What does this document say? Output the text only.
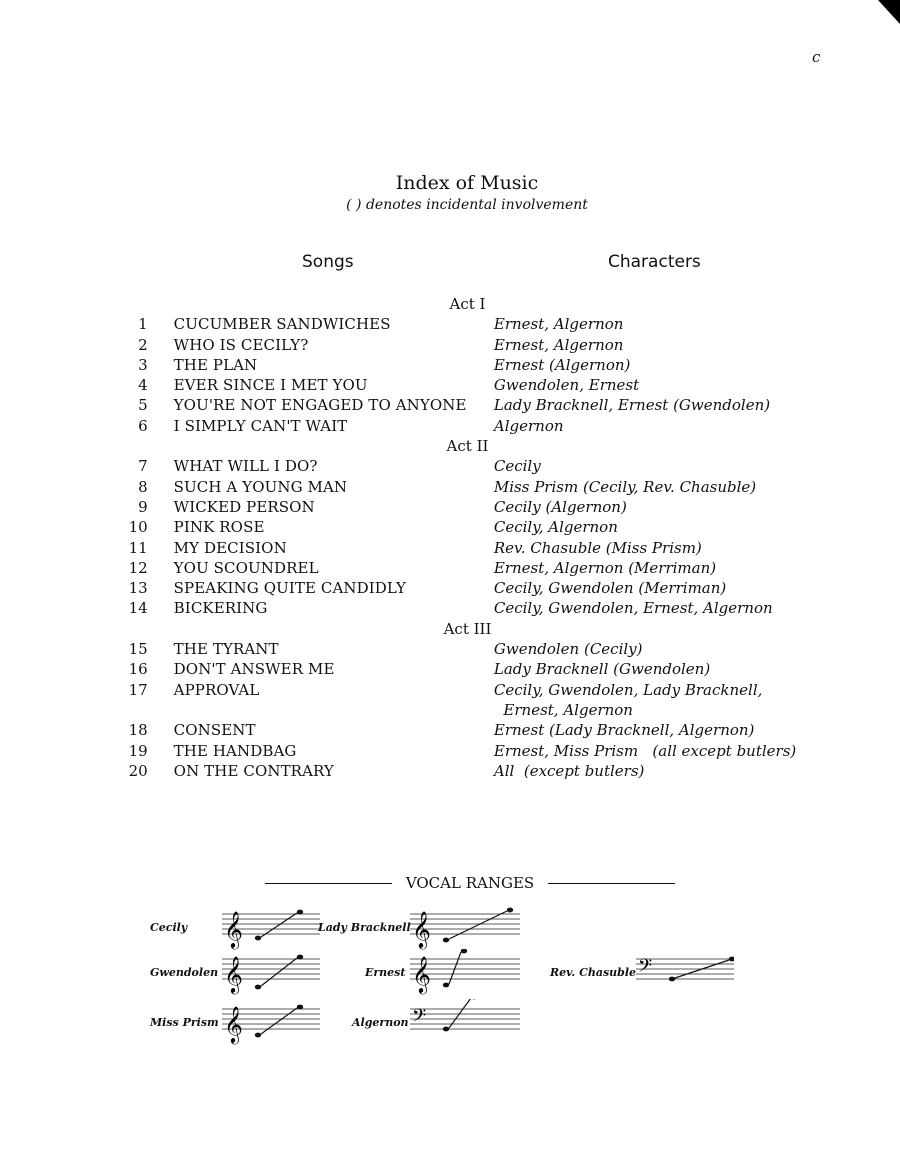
c
Index of Music
( ) denotes incidental involvement
Songs	Characters
Act I
1	CUCUMBER SANDWICHES	Ernest, Algernon
2	WHO IS CECILY?	Ernest, Algernon
3	THE PLAN	Ernest (Algernon)
4	EVER SINCE I MET YOU	Gwendolen, Ernest
5	YOU'RE NOT ENGAGED TO ANYONE	Lady Bracknell, Ernest (Gwendolen)
6	I SIMPLY CAN'T WAIT	Algernon
Act II
7	WHAT WILL I DO?	Cecily
8	SUCH A YOUNG MAN	Miss Prism (Cecily, Rev. Chasuble)
9	WICKED PERSON	Cecily (Algernon)
10	PINK ROSE	Cecily, Algernon
11	MY DECISION	Rev. Chasuble (Miss Prism)
12	YOU SCOUNDREL	Ernest, Algernon (Merriman)
13	SPEAKING QUITE CANDIDLY	Cecily, Gwendolen (Merriman)
14	BICKERING	Cecily, Gwendolen, Ernest, Algernon
Act III
15	THE TYRANT	Gwendolen (Cecily)
16	DON'T ANSWER ME	Lady Bracknell (Gwendolen)
17	APPROVAL	Cecily, Gwendolen, Lady Bracknell,
Ernest, Algernon
18	CONSENT	Ernest (Lady Bracknell, Algernon)
19	THE HANDBAG	Ernest, Miss Prism   (all except butlers)
20	ON THE CONTRARY	All  (except butlers)
VOCAL RANGES
Cecily 𝄞	Lady Bracknell 𝄞
Gwendolen 𝄞	Ernest 𝄞	Rev. Chasuble 𝄢
Miss Prism 𝄞	Algernon 𝄢
